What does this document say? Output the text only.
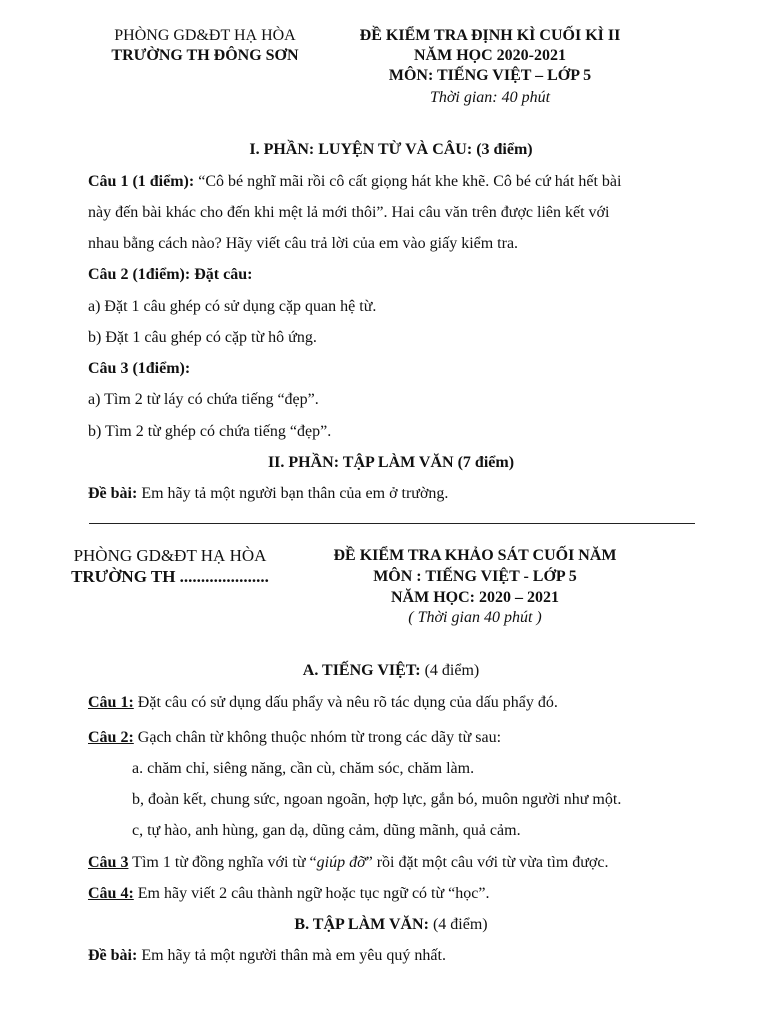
PHÒNG GD&ĐT HẠ HÒA
TRƯỜNG TH ĐÔNG SƠN
ĐỀ KIỂM TRA ĐỊNH KÌ CUỐI KÌ II
NĂM HỌC 2020-2021
MÔN: TIẾNG VIỆT – LỚP 5
Thời gian: 40 phút
I. PHẦN: LUYỆN TỪ VÀ CÂU: (3 điểm)
Câu 1 (1 điểm): “Cô bé nghĩ mãi rồi cô cất giọng hát khe khẽ. Cô bé cứ hát hết bài
này đến bài khác cho đến khi mệt lả mới thôi”. Hai câu văn trên được liên kết với
nhau bằng cách nào? Hãy viết câu trả lời của em vào giấy kiểm tra.
Câu 2 (1điểm): Đặt câu:
a) Đặt 1 câu ghép có sử dụng cặp quan hệ từ.
b) Đặt 1 câu ghép có cặp từ hô ứng.
Câu 3 (1điểm):
a) Tìm 2 từ láy có chứa tiếng “đẹp”.
b) Tìm 2 từ ghép có chứa tiếng “đẹp”.
II. PHẦN: TẬP LÀM VĂN (7 điểm)
Đề bài: Em hãy tả một người bạn thân của em ở trường.
PHÒNG GD&ĐT HẠ HÒA
TRƯỜNG TH .....................
ĐỀ KIỂM TRA KHẢO SÁT CUỐI NĂM
MÔN : TIẾNG VIỆT - LỚP 5
NĂM HỌC: 2020 – 2021
( Thời gian 40 phút )
A. TIẾNG VIỆT: (4 điểm)
Câu 1: Đặt câu có sử dụng dấu phẩy và nêu rõ tác dụng của dấu phẩy đó.
Câu 2: Gạch chân từ không thuộc nhóm từ trong các dãy từ sau:
a. chăm chỉ, siêng năng, cần cù, chăm sóc, chăm làm.
b, đoàn kết, chung sức, ngoan ngoãn, hợp lực, gắn bó, muôn người như một.
c, tự hào, anh hùng, gan dạ, dũng cảm, dũng mãnh, quả cảm.
Câu 3 Tìm 1 từ đồng nghĩa với từ “giúp đỡ” rồi đặt một câu với từ vừa tìm được.
Câu 4: Em hãy viết 2 câu thành ngữ hoặc tục ngữ có từ “học”.
B. TẬP LÀM VĂN: (4 điểm)
Đề bài: Em hãy tả một người thân mà em yêu quý nhất.
